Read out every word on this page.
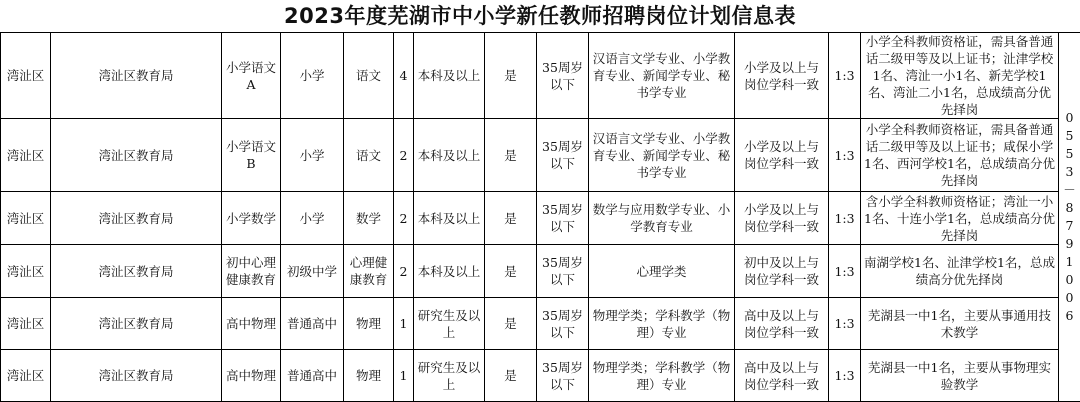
2023年度芜湖市中小学新任教师招聘岗位计划信息表
湾沚区	湾沚区教育局	小学语文A	小学	语文	4	本科及以上	是	35周岁以下	汉语言文学专业、小学教育专业、新闻学专业、秘书学专业	小学及以上与岗位学科一致	1:3	小学全科教师资格证，需具备普通话二级甲等及以上证书；沚津学校1名、湾沚一小1名、新芜学校1名、湾沚二小1名，总成绩高分优先择岗	0553－8791006
湾沚区	湾沚区教育局	小学语文B	小学	语文	2	本科及以上	是	35周岁以下	汉语言文学专业、小学教育专业、新闻学专业、秘书学专业	小学及以上与岗位学科一致	1:3	小学全科教师资格证，需具备普通话二级甲等及以上证书；咸保小学1名、西河学校1名，总成绩高分优先择岗	
湾沚区	湾沚区教育局	小学数学	小学	数学	2	本科及以上	是	35周岁以下	数学与应用数学专业、小学教育专业	小学及以上与岗位学科一致	1:3	含小学全科教师资格证；湾沚一小1名、十连小学1名，总成绩高分优先择岗	
湾沚区	湾沚区教育局	初中心理健康教育	初级中学	心理健康教育	2	本科及以上	是	35周岁以下	心理学类	初中及以上与岗位学科一致	1:3	南湖学校1名、沚津学校1名，总成绩高分优先择岗	
湾沚区	湾沚区教育局	高中物理	普通高中	物理	1	研究生及以上	是	35周岁以下	物理学类；学科教学（物理）专业	高中及以上与岗位学科一致	1:3	芜湖县一中1名，主要从事通用技术教学	
湾沚区	湾沚区教育局	高中物理	普通高中	物理	1	研究生及以上	是	35周岁以下	物理学类；学科教学（物理）专业	高中及以上与岗位学科一致	1:3	芜湖县一中1名，主要从事物理实验教学	
